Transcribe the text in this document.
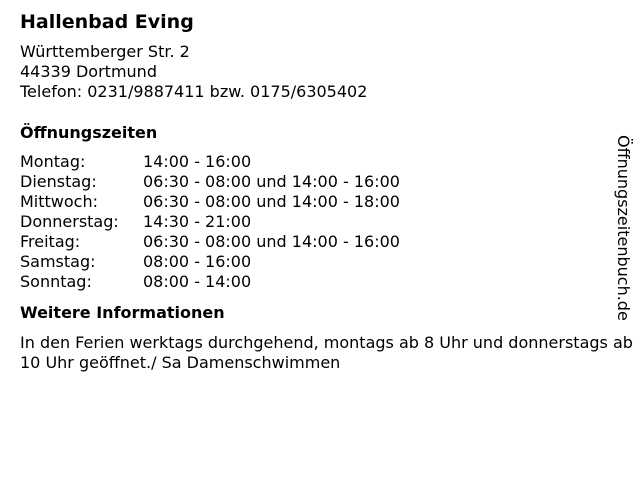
Hallenbad Eving
Württemberger Str. 2
44339 Dortmund
Telefon: 0231/9887411 bzw. 0175/6305402
Öffnungszeiten
Montag:	14:00 - 16:00
Dienstag:	06:30 - 08:00 und 14:00 - 16:00
Mittwoch:	06:30 - 08:00 und 14:00 - 18:00
Donnerstag:	14:30 - 21:00
Freitag:	06:30 - 08:00 und 14:00 - 16:00
Samstag:	08:00 - 16:00
Sonntag:	08:00 - 14:00
Weitere Informationen
In den Ferien werktags durchgehend, montags ab 8 Uhr und donnerstags ab 10 Uhr geöffnet./ Sa Damenschwimmen
Öffnungszeitenbuch.de
